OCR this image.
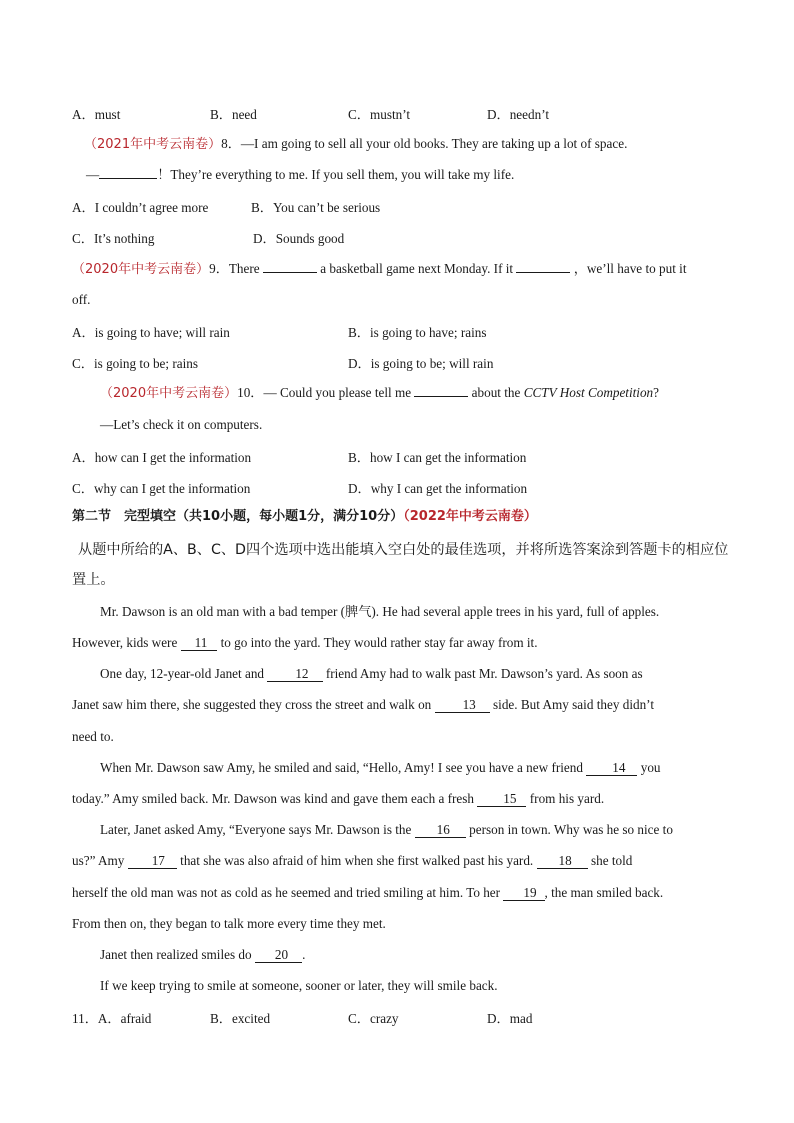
A．must	B．need	C．mustn’t	D．needn’t
（2021年中考云南卷）8．—I am going to sell all your old books. They are taking up a lot of space.
—	！They’re everything to me. If you sell them, you will take my life.
A．I couldn’t agree more	B．You can’t be serious
C．It’s nothing	D．Sounds good
（2020年中考云南卷）9．There	a basketball game next Monday. If it	，we’ll have to put it
off.
A．is going to have; will rain	B．is going to have; rains
C．is going to be; rains	D．is going to be; will rain
（2020年中考云南卷）10．— Could you please tell me	about the CCTV Host Competition?
—Let’s check it on computers.
A．how can I get the information	B．how I can get the information
C．why can I get the information	D．why I can get the information
第二节　完型填空（共10小题，每小题1分，满分10分）（2022年中考云南卷）
从题中所给的A、B、C、D四个选项中选出能填入空白处的最佳选项，并将所选答案涂到答题卡的相应位
置上。
Mr. Dawson is an old man with a bad temper (脾气). He had several apple trees in his yard, full of apples.
However, kids were 11 to go into the yard. They would rather stay far away from it.
One day, 12-year-old Janet and 12 friend Amy had to walk past Mr. Dawson’s yard. As soon as
Janet saw him there, she suggested they cross the street and walk on 13 side. But Amy said they didn’t
need to.
When Mr. Dawson saw Amy, he smiled and said, “Hello, Amy! I see you have a new friend 14 you
today.” Amy smiled back. Mr. Dawson was kind and gave them each a fresh 15 from his yard.
Later, Janet asked Amy, “Everyone says Mr. Dawson is the 16 person in town. Why was he so nice to
us?” Amy 17 that she was also afraid of him when she first walked past his yard. 18 she told
herself the old man was not as cold as he seemed and tried smiling at him. To her 19 , the man smiled back.
From then on, they began to talk more every time they met.
Janet then realized smiles do 20 .
If we keep trying to smile at someone, sooner or later, they will smile back.
11．A．afraid	B．excited	C．crazy	D．mad
